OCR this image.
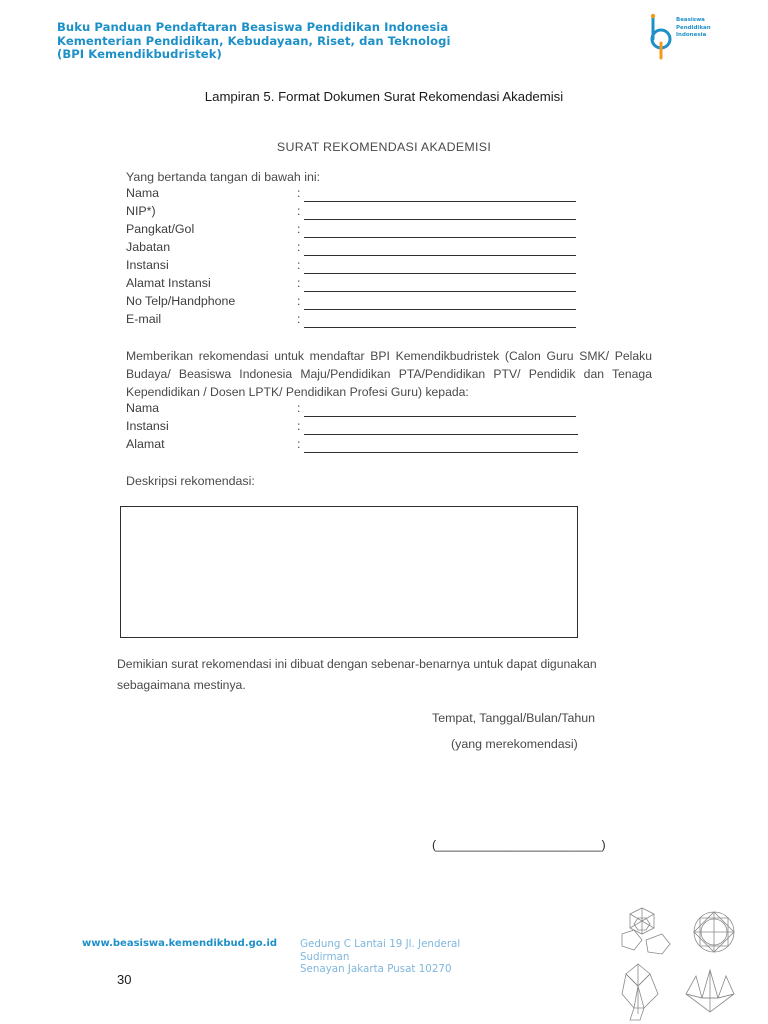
Buku Panduan Pendaftaran Beasiswa Pendidikan Indonesia
Kementerian Pendidikan, Kebudayaan, Riset, dan Teknologi
(BPI Kemendikbudristek)
Beasiswa
Pendidikan
Indonesia
Lampiran 5. Format Dokumen Surat Rekomendasi Akademisi
SURAT REKOMENDASI AKADEMISI
Yang bertanda tangan di bawah ini:
Nama	:
NIP*)	:
Pangkat/Gol	:
Jabatan	:
Instansi	:
Alamat Instansi	:
No Telp/Handphone	:
E-mail	:
Memberikan rekomendasi untuk mendaftar BPI Kemendikbudristek (Calon Guru SMK/ Pelaku Budaya/ Beasiswa Indonesia Maju/Pendidikan PTA/Pendidikan PTV/ Pendidik dan Tenaga Kependidikan / Dosen LPTK/ Pendidikan Profesi Guru) kepada:
Nama	:
Instansi	:
Alamat	:
Deskripsi rekomendasi:
Demikian surat rekomendasi ini dibuat dengan sebenar-benarnya untuk dapat digunakan sebagaimana mestinya.
Tempat, Tanggal/Bulan/Tahun
(yang merekomendasi)
(________________________)
www.beasiswa.kemendikbud.go.id Gedung C Lantai 19 Jl. Jenderal
Sudirman
Senayan Jakarta Pusat 10270
30
